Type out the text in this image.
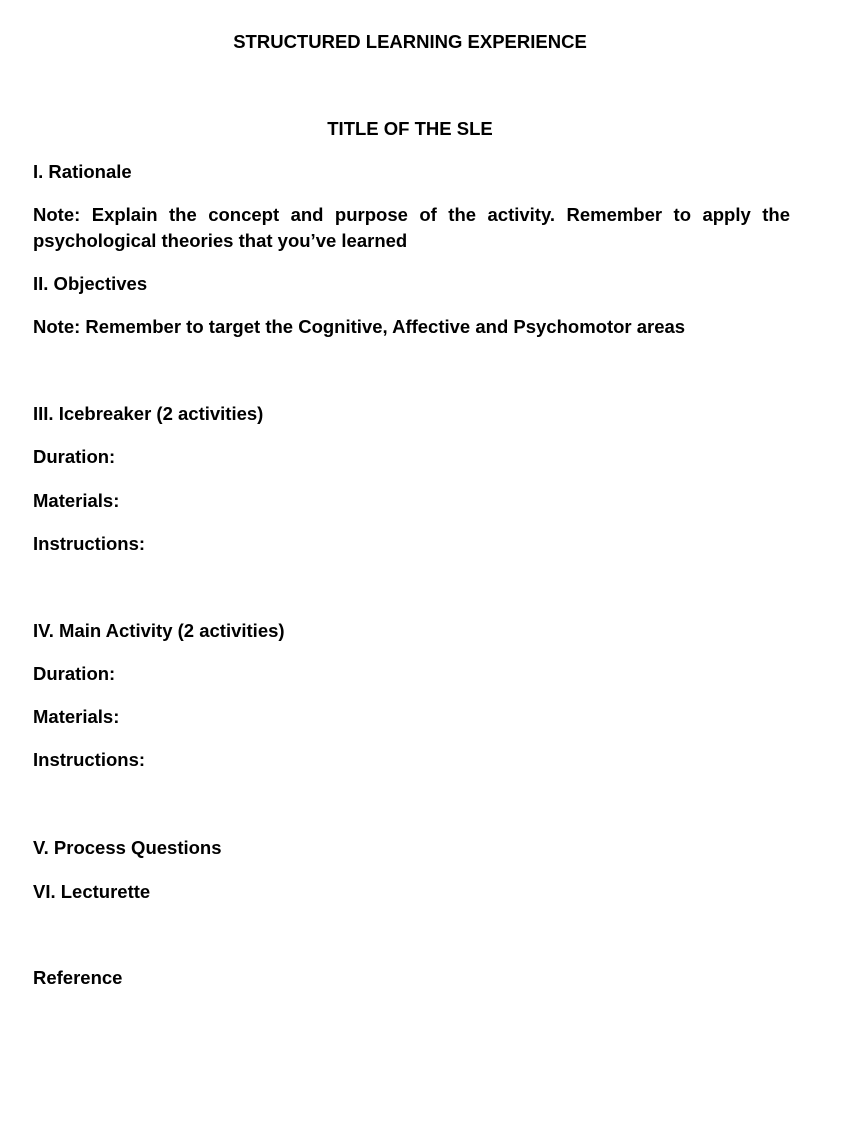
STRUCTURED LEARNING EXPERIENCE
TITLE OF THE SLE
I. Rationale

Note: Explain the concept and purpose of the activity. Remember to apply the psychological theories that you’ve learned

II. Objectives
Note: Remember to target the Cognitive, Affective and Psychomotor areas
III. Icebreaker (2 activities)
Duration:
Materials:
Instructions:
IV. Main Activity (2 activities)
Duration:
Materials:
Instructions:
V. Process Questions
VI. Lecturette
Reference
